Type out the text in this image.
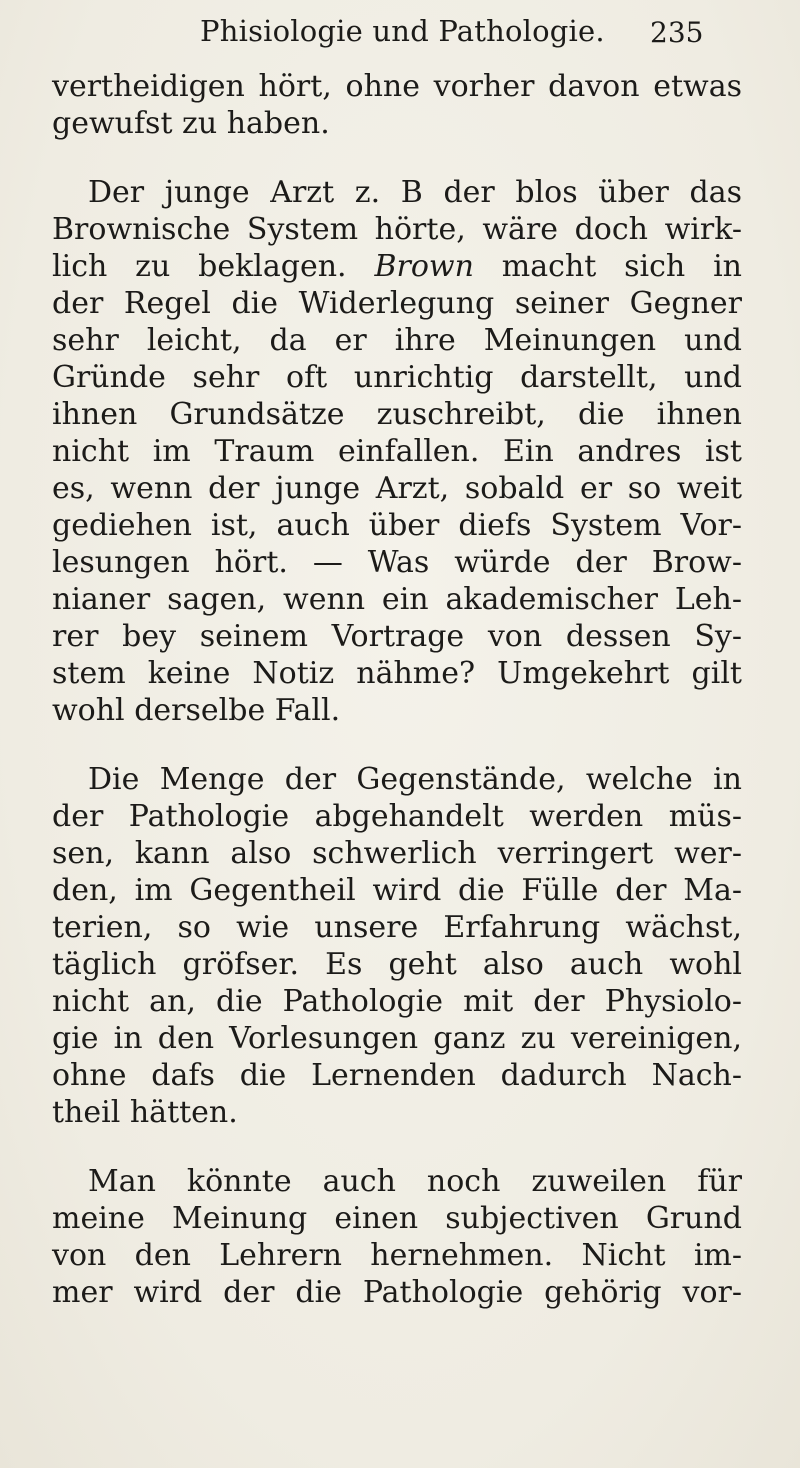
Phisiologie und Pathologie. 235
vertheidigen hört, ohne vorher davon etwas
gewufst zu haben.
Der junge Arzt z. B der blos über das
Brownische System hörte, wäre doch wirk-
lich zu beklagen. Brown macht sich in
der Regel die Widerlegung seiner Gegner
sehr leicht, da er ihre Meinungen und
Gründe sehr oft unrichtig darstellt, und
ihnen Grundsätze zuschreibt, die ihnen
nicht im Traum einfallen. Ein andres ist
es, wenn der junge Arzt, sobald er so weit
gediehen ist, auch über diefs System Vor-
lesungen hört. — Was würde der Brow-
nianer sagen, wenn ein akademischer Leh-
rer bey seinem Vortrage von dessen Sy-
stem keine Notiz nähme? Umgekehrt gilt
wohl derselbe Fall.
Die Menge der Gegenstände, welche in
der Pathologie abgehandelt werden müs-
sen, kann also schwerlich verringert wer-
den, im Gegentheil wird die Fülle der Ma-
terien, so wie unsere Erfahrung wächst,
täglich gröfser. Es geht also auch wohl
nicht an, die Pathologie mit der Physiolo-
gie in den Vorlesungen ganz zu vereinigen,
ohne dafs die Lernenden dadurch Nach-
theil hätten.
Man könnte auch noch zuweilen für
meine Meinung einen subjectiven Grund
von den Lehrern hernehmen. Nicht im-
mer wird der die Pathologie gehörig vor-
